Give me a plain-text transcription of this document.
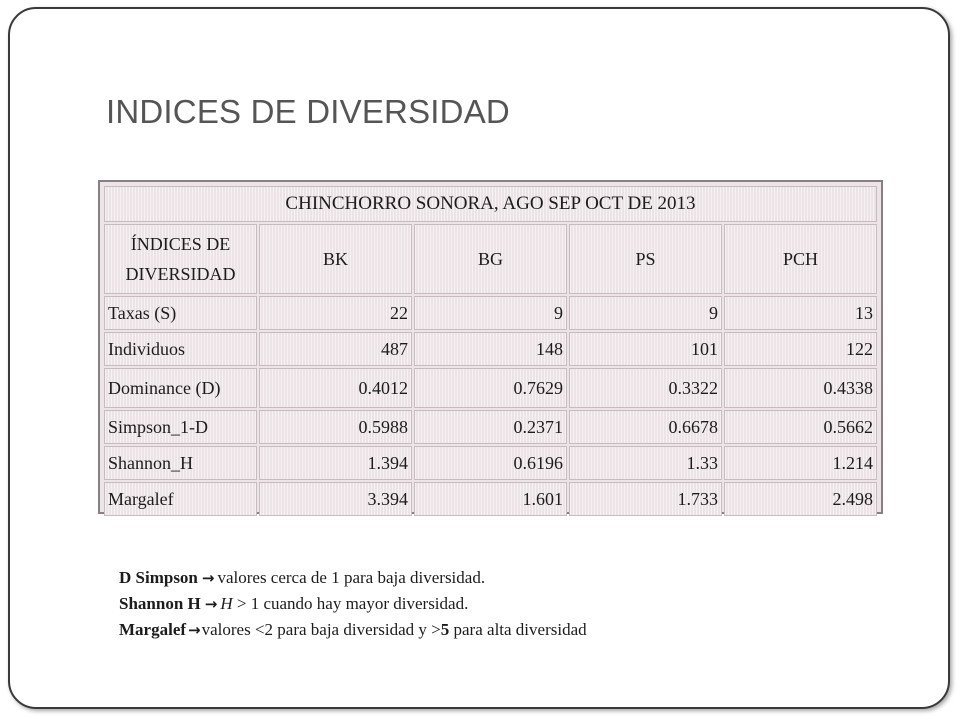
INDICES DE DIVERSIDAD
CHINCHORRO SONORA, AGO SEP OCT DE 2013				
ÍNDICES DE
DIVERSIDAD	BK	BG	PS	PCH
Taxas (S)	22	9	9	13
Individuos	487	148	101	122
Dominance (D)	0.4012	0.7629	0.3322	0.4338
Simpson_1-D	0.5988	0.2371	0.6678	0.5662
Shannon_H	1.394	0.6196	1.33	1.214
Margalef	3.394	1.601	1.733	2.498
D Simpson → valores cerca de 1 para baja diversidad.
Shannon H → H > 1 cuando hay mayor diversidad.
Margalef →valores <2 para baja diversidad y >5 para alta diversidad
